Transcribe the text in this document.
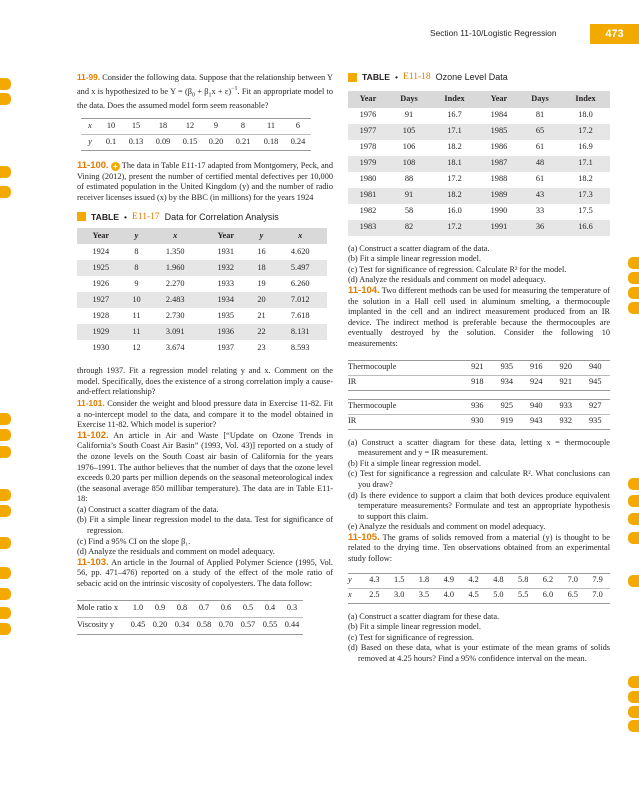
Section 11-10/Logistic Regression	473

11-99. Consider the following data. Suppose that the relationship between Y and x is hypothesized to be $Y = (\beta_0 + \beta_1x + \varepsilon)^{-1}$. Fit an appropriate model to the data. Does the assumed model form seem reasonable?

x	10	15	18	12	9	8	11	6
y	0.1	0.13	0.09	0.15	0.20	0.21	0.18	0.24

11-100. + The data in Table E11-17 adapted from Montgomery, Peck, and Vining (2012), present the number of certified mental defectives per 10,000 of estimated population in the United Kingdom (y) and the number of radio receiver licenses issued (x) by the BBC (in millions) for the years 1924

TABLE • E11-17 Data for Correlation Analysis
Year	y	x	Year	y	x
1924	8	1.350	1931	16	4.620
1925	8	1.960	1932	18	5.497
1926	9	2.270	1933	19	6.260
1927	10	2.483	1934	20	7.012
1928	11	2.730	1935	21	7.618
1929	11	3.091	1936	22	8.131
1930	12	3.674	1937	23	8.593

through 1937. Fit a regression model relating y and x. Comment on the model. Specifically, does the existence of a strong correlation imply a cause-and-effect relationship?

11-101. Consider the weight and blood pressure data in Exercise 11-82. Fit a no-intercept model to the data, and compare it to the model obtained in Exercise 11-82. Which model is superior?

11-102. An article in Air and Waste [“Update on Ozone Trends in California’s South Coast Air Basin” (1993, Vol. 43)] reported on a study of the ozone levels on the South Coast air basin of California for the years 1976–1991. The author believes that the number of days that the ozone level exceeds 0.20 parts per million depends on the seasonal meteorological index (the seasonal average 850 millibar temperature). The data are in Table E11-18:

(a) Construct a scatter diagram of the data.
(b) Fit a simple linear regression model to the data. Test for significance of regression.
(c) Find a 95% CI on the slope β₁.
(d) Analyze the residuals and comment on model adequacy.

11-103. An article in the Journal of Applied Polymer Science (1995, Vol. 56, pp. 471–476) reported on a study of the effect of the mole ratio of sebacic acid on the intrinsic viscosity of copolyesters. The data follow:

Mole ratio x	1.0	0.9	0.8	0.7	0.6	0.5	0.4	0.3
Viscosity y	0.45	0.20	0.34	0.58	0.70	0.57	0.55	0.44
TABLE • E11-18 Ozone Level Data
Year	Days	Index	Year	Days	Index
1976	91	16.7	1984	81	18.0
1977	105	17.1	1985	65	17.2
1978	106	18.2	1986	61	16.9
1979	108	18.1	1987	48	17.1
1980	88	17.2	1988	61	18.2
1981	91	18.2	1989	43	17.3
1982	58	16.0	1990	33	17.5
1983	82	17.2	1991	36	16.6
(a) Construct a scatter diagram of the data.
(b) Fit a simple linear regression model.
(c) Test for significance of regression. Calculate R² for the model.
(d) Analyze the residuals and comment on model adequacy.

11-104. Two different methods can be used for measuring the temperature of the solution in a Hall cell used in aluminum smelting, a thermocouple implanted in the cell and an indirect measurement produced from an IR device. The indirect method is preferable because the thermocouples are eventually destroyed by the solution. Consider the following 10 measurements:

Thermocouple	921	935	916	920	940
IR	918	934	924	921	945
Thermocouple	936	925	940	933	927
IR	930	919	943	932	935
(a) Construct a scatter diagram for these data, letting x = thermocouple measurement and y = IR measurement.
(b) Fit a simple linear regression model.
(c) Test for significance a regression and calculate R². What conclusions can you draw?
(d) Is there evidence to support a claim that both devices produce equivalent temperature measurements? Formulate and test an appropriate hypothesis to support this claim.
(e) Analyze the residuals and comment on model adequacy.

11-105. The grams of solids removed from a material (y) is thought to be related to the drying time. Ten observations obtained from an experimental study follow:

y	4.3	1.5	1.8	4.9	4.2	4.8	5.8	6.2	7.0	7.9
x	2.5	3.0	3.5	4.0	4.5	5.0	5.5	6.0	6.5	7.0
(a) Construct a scatter diagram for these data.
(b) Fit a simple linear regression model.
(c) Test for significance of regression.
(d) Based on these data, what is your estimate of the mean grams of solids removed at 4.25 hours? Find a 95% confidence interval on the mean.
